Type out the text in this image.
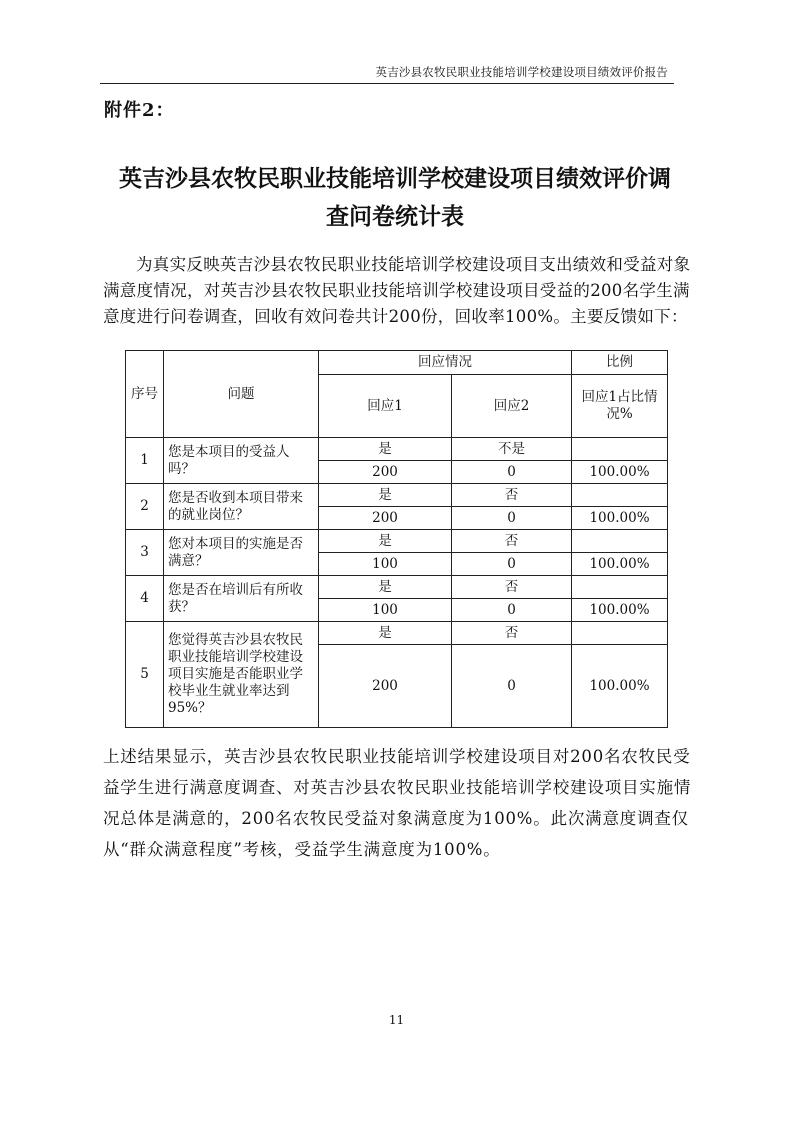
英吉沙县农牧民职业技能培训学校建设项目绩效评价报告
附件2：
英吉沙县农牧民职业技能培训学校建设项目绩效评价调
查问卷统计表

为真实反映英吉沙县农牧民职业技能培训学校建设项目支出绩效和受益对象满意度情况，对英吉沙县农牧民职业技能培训学校建设项目受益的200名学生满意度进行问卷调查，回收有效问卷共计200份，回收率100%。主要反馈如下：

序号	问题	回应情况		比例
		回应1	回应2	回应1占比情况%
1	您是本项目的受益人吗？	是	不是	
		200	0	100.00%
2	您是否收到本项目带来的就业岗位？	是	否	
		200	0	100.00%
3	您对本项目的实施是否满意？	是	否	
		100	0	100.00%
4	您是否在培训后有所收获？	是	否	
		100	0	100.00%
5	您觉得英吉沙县农牧民职业技能培训学校建设项目实施是否能职业学校毕业生就业率达到95%？	是	否	
		200	0	100.00%

上述结果显示，英吉沙县农牧民职业技能培训学校建设项目对200名农牧民受益学生进行满意度调查、对英吉沙县农牧民职业技能培训学校建设项目实施情况总体是满意的，200名农牧民受益对象满意度为100%。此次满意度调查仅从“群众满意程度”考核，受益学生满意度为100%。

11
